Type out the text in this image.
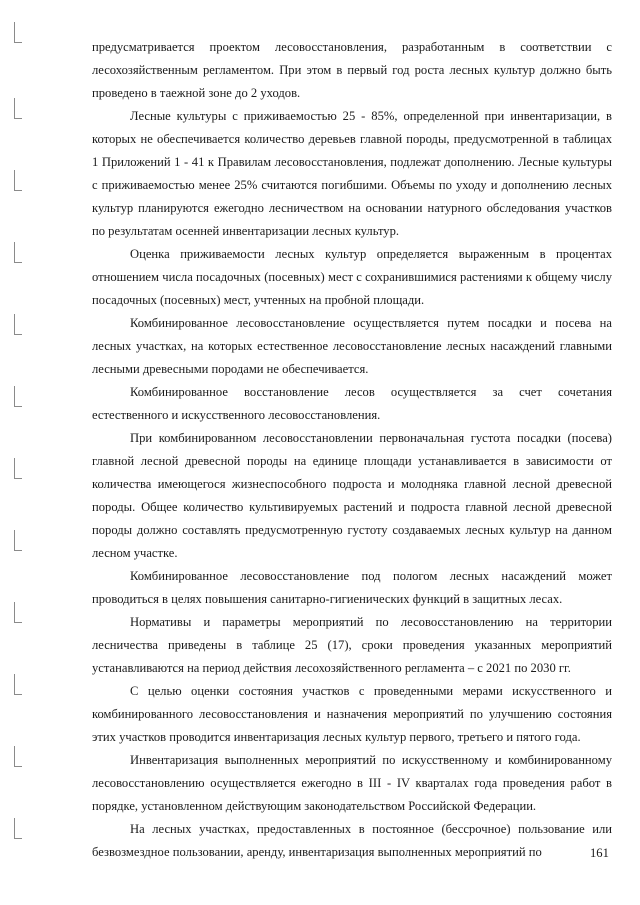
предусматривается проектом лесовосстановления, разработанным в соответствии с лесохозяйственным регламентом. При этом в первый год роста лесных культур должно быть проведено в таежной зоне до 2 уходов.

Лесные культуры с приживаемостью 25 - 85%, определенной при инвентаризации, в которых не обеспечивается количество деревьев главной породы, предусмотренной в таблицах 1 Приложений 1 - 41 к Правилам лесовосстановления, подлежат дополнению. Лесные культуры с приживаемостью менее 25% считаются погибшими. Объемы по уходу и дополнению лесных культур планируются ежегодно лесничеством на основании натурного обследования участков по результатам осенней инвентаризации лесных культур.

Оценка приживаемости лесных культур определяется выраженным в процентах отношением числа посадочных (посевных) мест с сохранившимися растениями к общему числу посадочных (посевных) мест, учтенных на пробной площади.

Комбинированное лесовосстановление осуществляется путем посадки и посева на лесных участках, на которых естественное лесовосстановление лесных насаждений главными лесными древесными породами не обеспечивается.

Комбинированное восстановление лесов осуществляется за счет сочетания естественного и искусственного лесовосстановления.

При комбинированном лесовосстановлении первоначальная густота посадки (посева) главной лесной древесной породы на единице площади устанавливается в зависимости от количества имеющегося жизнеспособного подроста и молодняка главной лесной древесной породы. Общее количество культивируемых растений и подроста главной лесной древесной породы должно составлять предусмотренную густоту создаваемых лесных культур на данном лесном участке.

Комбинированное лесовосстановление под пологом лесных насаждений может проводиться в целях повышения санитарно-гигиенических функций в защитных лесах.

Нормативы и параметры мероприятий по лесовосстановлению на территории лесничества приведены в таблице 25 (17), сроки проведения указанных мероприятий устанавливаются на период действия лесохозяйственного регламента – с 2021 по 2030 гг.

С целью оценки состояния участков с проведенными мерами искусственного и комбинированного лесовосстановления и назначения мероприятий по улучшению состояния этих участков проводится инвентаризация лесных культур первого, третьего и пятого года.

Инвентаризация выполненных мероприятий по искусственному и комбинированному лесовосстановлению осуществляется ежегодно в III - IV кварталах года проведения работ в порядке, установленном действующим законодательством Российской Федерации.

На лесных участках, предоставленных в постоянное (бессрочное) пользование или безвозмездное пользовании, аренду, инвентаризация выполненных мероприятий по	161
